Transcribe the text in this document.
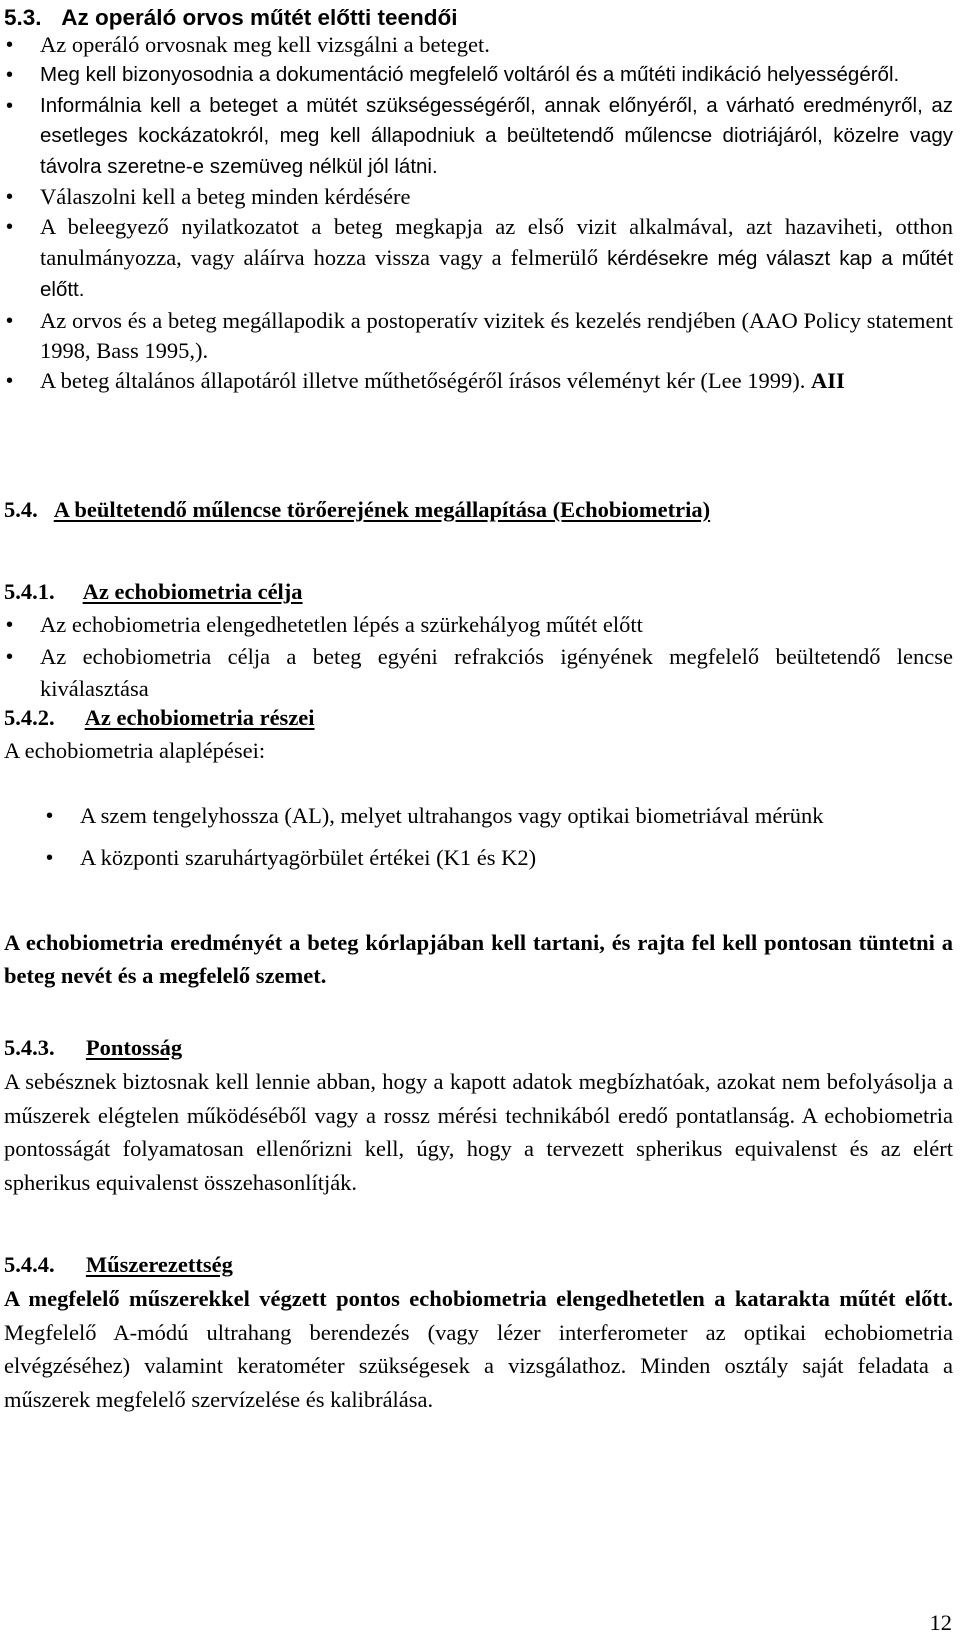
5.3. Az operáló orvos műtét előtti teendői
• Az operáló orvosnak meg kell vizsgálni a beteget.
• Meg kell bizonyosodnia a dokumentáció megfelelő voltáról és a műtéti indikáció helyességéről.
• Informálnia kell a beteget a mütét szükségességéről, annak előnyéről, a várható eredményről, az esetleges kockázatokról, meg kell állapodniuk a beültetendő műlencse diotriájáról, közelre vagy távolra szeretne-e szemüveg nélkül jól látni.
• Válaszolni kell a beteg minden kérdésére
• A beleegyező nyilatkozatot a beteg megkapja az első vizit alkalmával, azt hazaviheti, otthon tanulmányozza, vagy aláírva hozza vissza vagy a felmerülő kérdésekre még választ kap a műtét előtt.
• Az orvos és a beteg megállapodik a postoperatív vizitek és kezelés rendjében (AAO Policy statement 1998, Bass 1995,).
• A beteg általános állapotáról illetve műthetőségéről írásos véleményt kér (Lee 1999). AII
5.4. A beültetendő műlencse törőerejének megállapítása (Echobiometria)
5.4.1. Az echobiometria célja
• Az echobiometria elengedhetetlen lépés a szürkehályog műtét előtt
• Az echobiometria célja a beteg egyéni refrakciós igényének megfelelő beültetendő lencse kiválasztása
5.4.2. Az echobiometria részei
A echobiometria alaplépései:
• A szem tengelyhossza (AL), melyet ultrahangos vagy optikai biometriával mérünk
• A központi szaruhártyagörbület értékei (K1 és K2)
A echobiometria eredményét a beteg kórlapjában kell tartani, és rajta fel kell pontosan tüntetni a beteg nevét és a megfelelő szemet.
5.4.3. Pontosság
A sebésznek biztosnak kell lennie abban, hogy a kapott adatok megbízhatóak, azokat nem befolyásolja a műszerek elégtelen működéséből vagy a rossz mérési technikából eredő pontatlanság. A echobiometria pontosságát folyamatosan ellenőrizni kell, úgy, hogy a tervezett spherikus equivalenst és az elért spherikus equivalenst összehasonlítják.
5.4.4. Műszerezettség
A megfelelő műszerekkel végzett pontos echobiometria elengedhetetlen a katarakta műtét előtt. Megfelelő A-módú ultrahang berendezés (vagy lézer interferometer az optikai echobiometria elvégzéséhez) valamint keratométer szükségesek a vizsgálathoz. Minden osztály saját feladata a műszerek megfelelő szervízelése és kalibrálása.
12
